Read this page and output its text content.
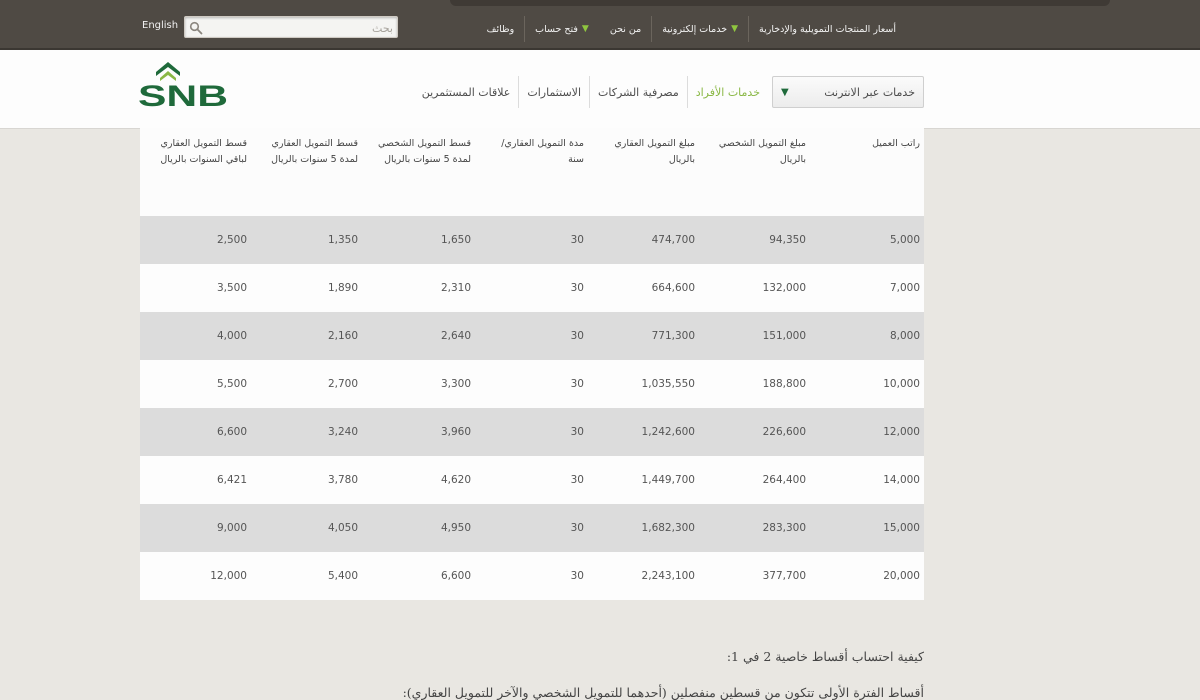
English
بحث	أسعار المنتجات التمويلية والإدخارية
خدمات إلكترونية ▼
من نحن
فتح حساب ▼
وظائف
SNB	خدمات عبر الانترنت
▼
خدمات الأفراد
مصرفية الشركات
الاستثمارات
علاقات المستثمرين
راتب العميل	مبلغ التمويل الشخصي بالريال	مبلغ التمويل العقاري بالريال	مدة التمويل العقاري/ سنة	قسط التمويل الشخصي لمدة 5 سنوات بالريال	قسط التمويل العقاري لمدة 5 سنوات بالريال	قسط التمويل العقاري لباقي السنوات بالريال
5,000	94,350	474,700	30	1,650	1,350	2,500
7,000	132,000	664,600	30	2,310	1,890	3,500
8,000	151,000	771,300	30	2,640	2,160	4,000
10,000	188,800	1,035,550	30	3,300	2,700	5,500
12,000	226,600	1,242,600	30	3,960	3,240	6,600
14,000	264,400	1,449,700	30	4,620	3,780	6,421
15,000	283,300	1,682,300	30	4,950	4,050	9,000
20,000	377,700	2,243,100	30	6,600	5,400	12,000

كيفية احتساب أقساط خاصية 2 في 1:

أقساط الفترة الأولى تتكون من قسطين منفصلين (أحدهما للتمويل الشخصي والآخر للتمويل العقاري):
